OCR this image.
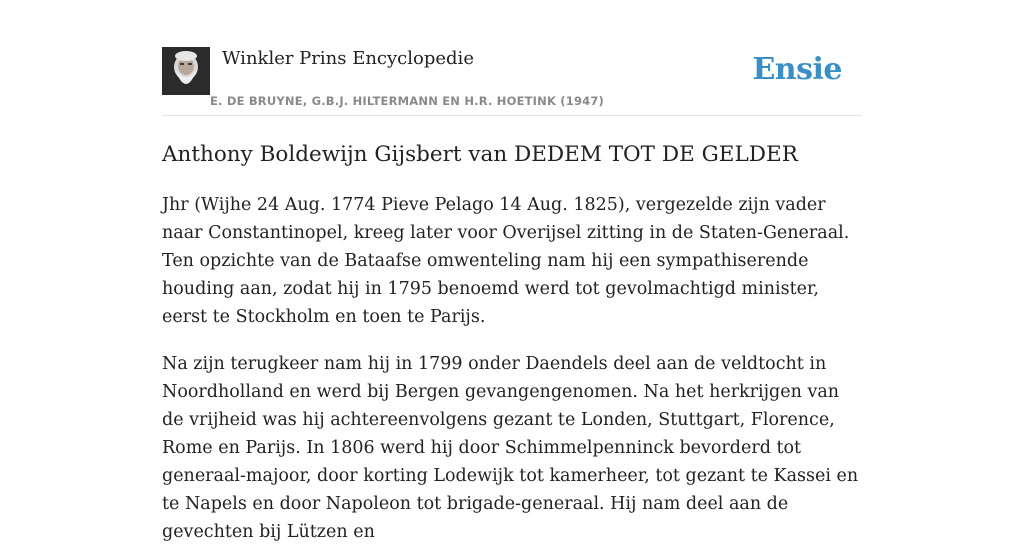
Winkler Prins Encyclopedie
E. DE BRUYNE, G.B.J. HILTERMANN EN H.R. HOETINK (1947)
Ensie
Anthony Boldewijn Gijsbert van DEDEM TOT DE GELDER

Jhr (Wijhe 24 Aug. 1774 Pieve Pelago 14 Aug. 1825), vergezelde zijn vader naar Constantinopel, kreeg later voor Overijsel zitting in de Staten-Generaal. Ten opzichte van de Bataafse omwenteling nam hij een sympathiserende houding aan, zodat hij in 1795 benoemd werd tot gevolmachtigd minister, eerst te Stockholm en toen te Parijs.

Na zijn terugkeer nam hij in 1799 onder Daendels deel aan de veldtocht in Noordholland en werd bij Bergen gevangengenomen. Na het herkrijgen van de vrijheid was hij achtereenvolgens gezant te Londen, Stuttgart, Florence, Rome en Parijs. In 1806 werd hij door Schimmelpenninck bevorderd tot generaal-majoor, door korting Lodewijk tot kamerheer, tot gezant te Kassei en te Napels en door Napoleon tot brigade-generaal. Hij nam deel aan de gevechten bij Lützen en
